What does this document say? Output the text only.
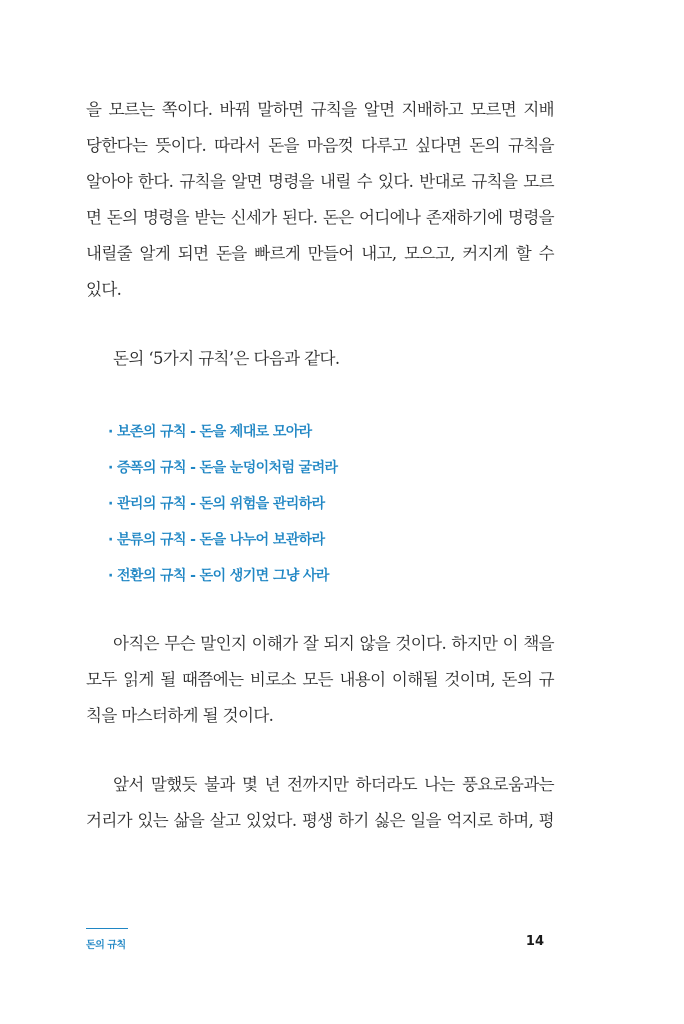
을 모르는 쪽이다. 바꿔 말하면 규칙을 알면 지배하고 모르면 지배
당한다는 뜻이다. 따라서 돈을 마음껏 다루고 싶다면 돈의 규칙을
알아야 한다. 규칙을 알면 명령을 내릴 수 있다. 반대로 규칙을 모르
면 돈의 명령을 받는 신세가 된다. 돈은 어디에나 존재하기에 명령을
내릴줄 알게 되면 돈을 빠르게 만들어 내고, 모으고, 커지게 할 수
있다.
돈의 ‘5가지 규칙’은 다음과 같다.
· 보존의 규칙 - 돈을 제대로 모아라
· 증폭의 규칙 - 돈을 눈덩이처럼 굴려라
· 관리의 규칙 - 돈의 위험을 관리하라
· 분류의 규칙 - 돈을 나누어 보관하라
· 전환의 규칙 - 돈이 생기면 그냥 사라
아직은 무슨 말인지 이해가 잘 되지 않을 것이다. 하지만 이 책을
모두 읽게 될 때쯤에는 비로소 모든 내용이 이해될 것이며, 돈의 규
칙을 마스터하게 될 것이다.
앞서 말했듯 불과 몇 년 전까지만 하더라도 나는 풍요로움과는
거리가 있는 삶을 살고 있었다. 평생 하기 싫은 일을 억지로 하며, 평
돈의 규칙	14
